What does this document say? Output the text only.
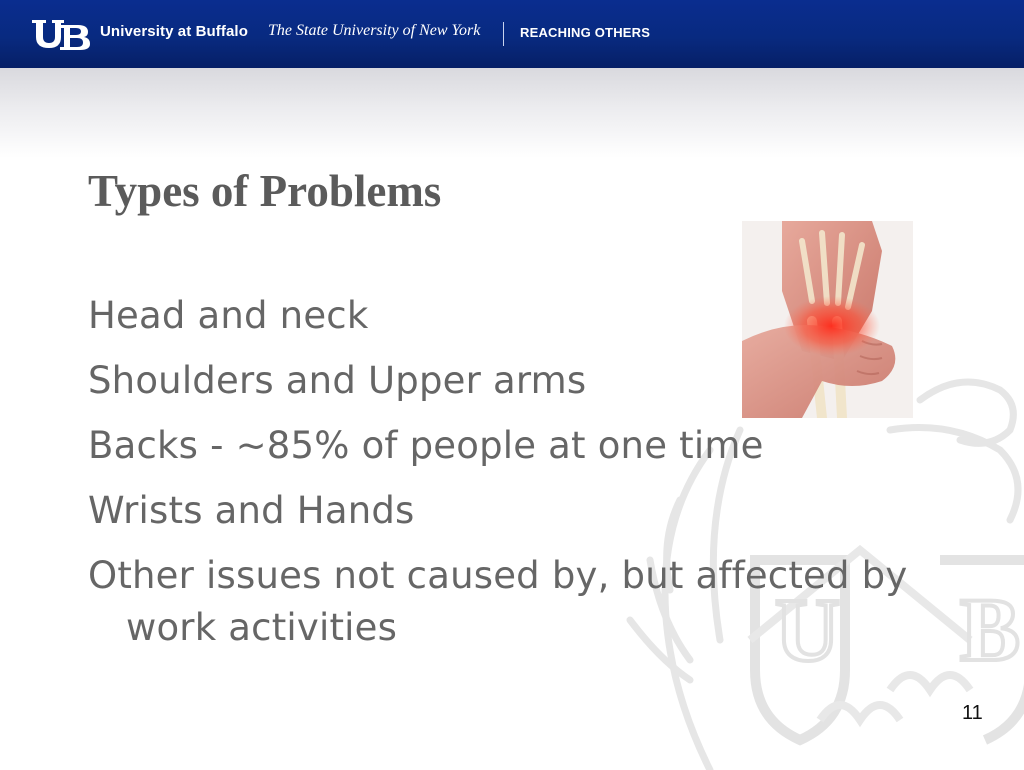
University at Buffalo The State University of New York	REACHING OTHERS
U B
Types of Problems
Head and neck
Shoulders and Upper arms
Backs - ~85% of people at one time
Wrists and Hands
Other issues not caused by, but affected by work activities
11
